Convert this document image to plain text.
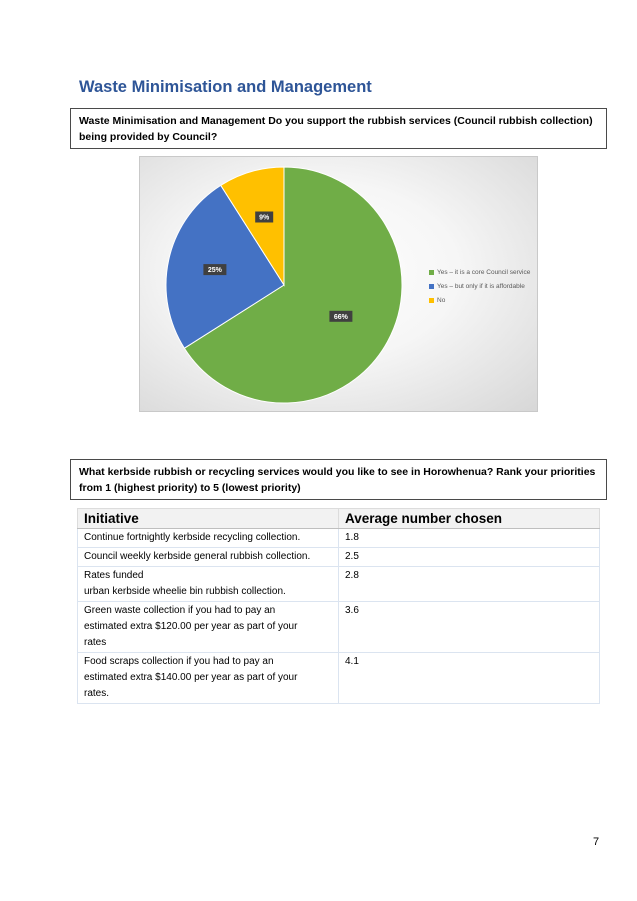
Waste Minimisation and Management
Waste Minimisation and Management Do you support the rubbish services (Council rubbish collection) being provided by Council?
66%
25%
9%
Yes – it is a core Council service
Yes – but only if it is affordable
No
What kerbside rubbish or recycling services would you like to see in Horowhenua? Rank your priorities from 1 (highest priority) to 5 (lowest priority)
Initiative	Average number chosen

Continue fortnightly kerbside recycling collection.	1.8

Council weekly kerbside general rubbish collection.	2.5

Rates funded
urban kerbside wheelie bin rubbish collection.	2.8

Green waste collection if you had to pay an
estimated extra $120.00 per year as part of your
rates	3.6

Food scraps collection if you had to pay an
estimated extra $140.00 per year as part of your
rates.	4.1
7
